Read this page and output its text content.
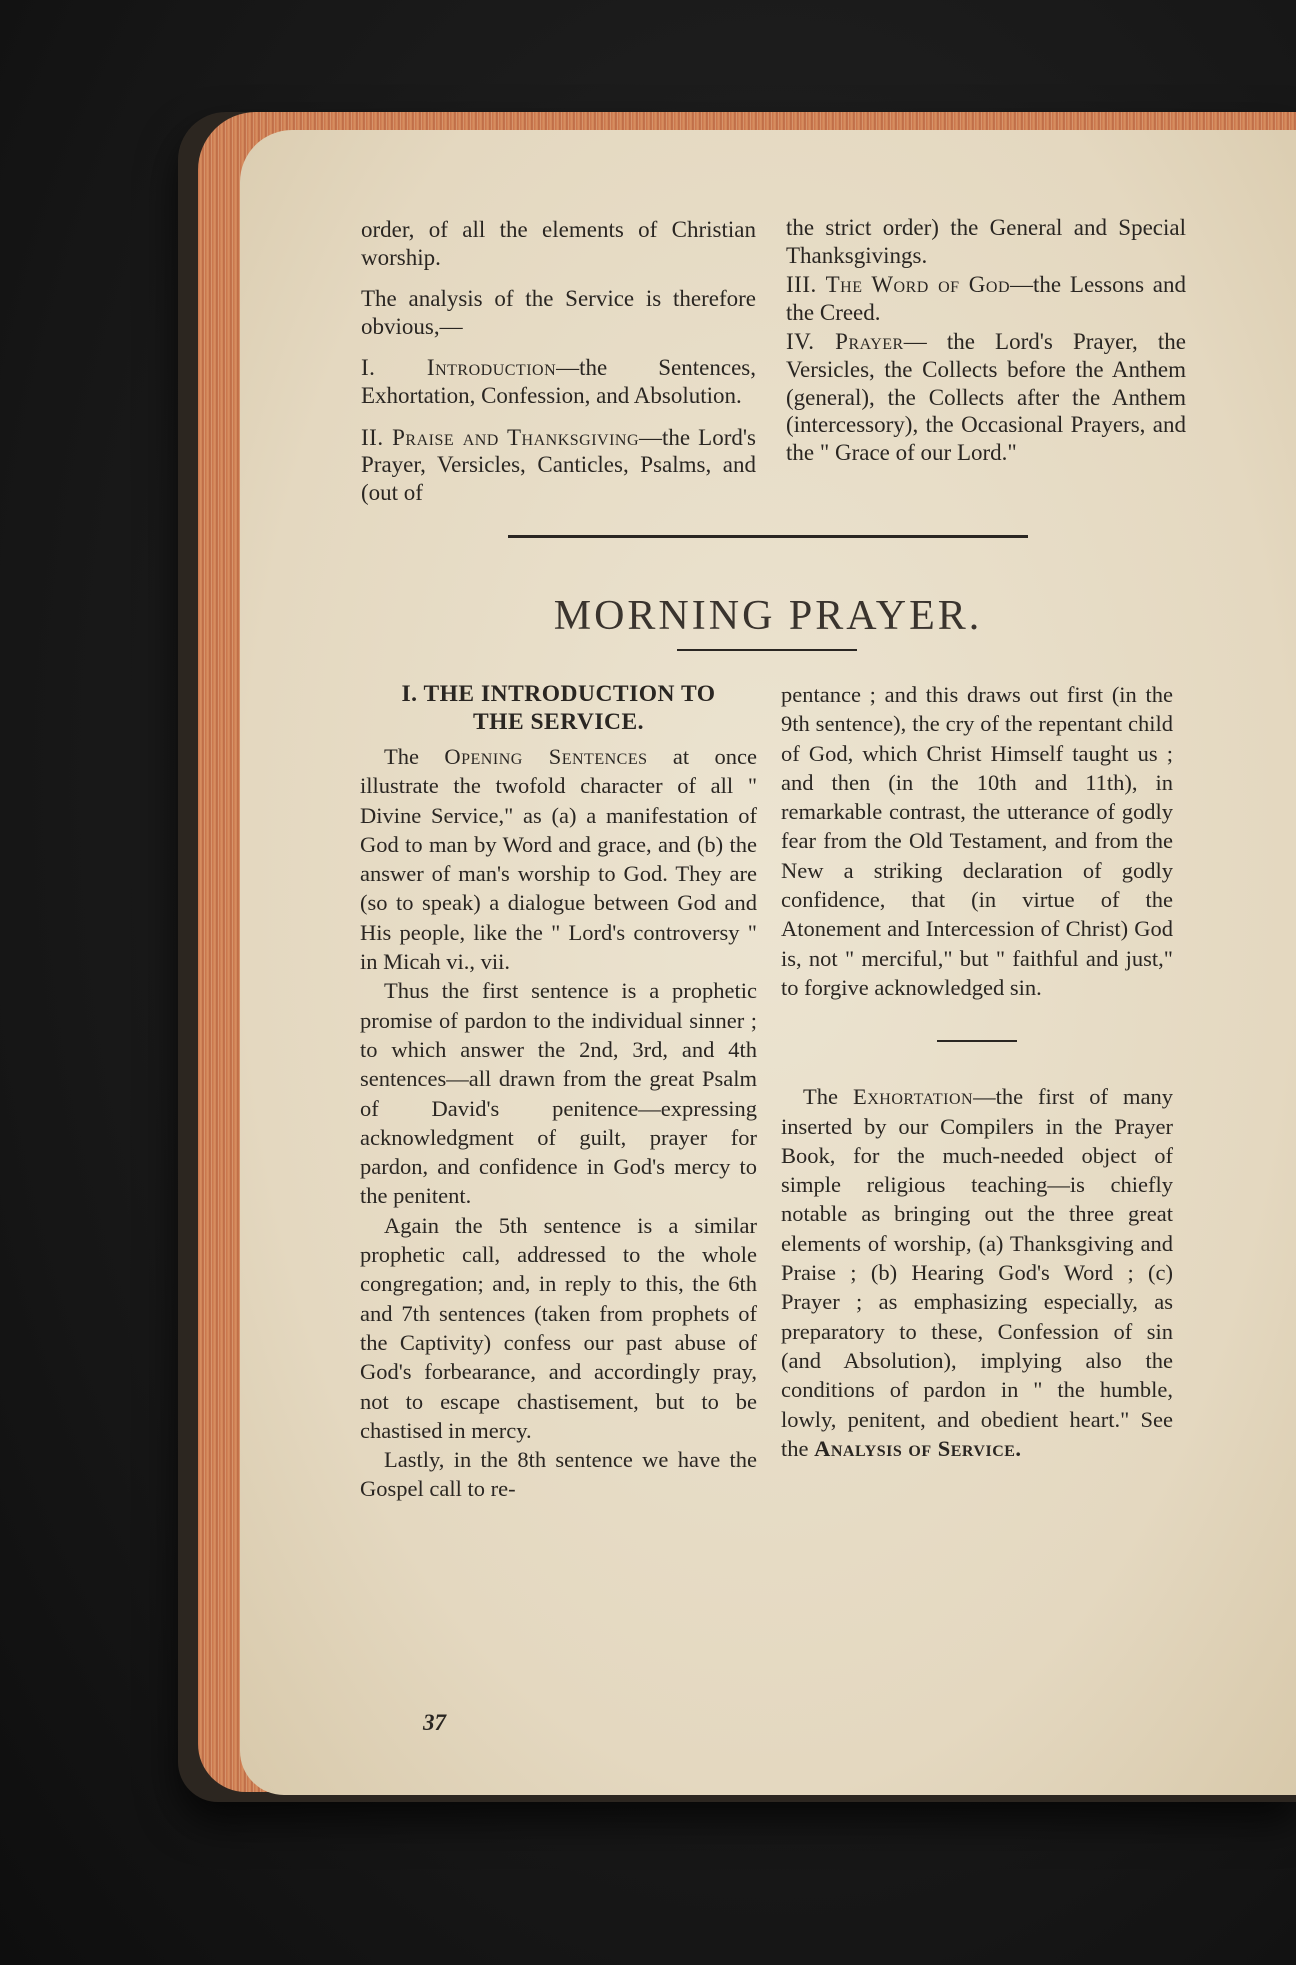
order, of all the elements of Christian worship.

The analysis of the Service is therefore obvious,—

I. Introduction—the Sentences, Exhortation, Confession, and Absolution.

II. Praise and Thanksgiving—the Lord's Prayer, Versicles, Canticles, Psalms, and (out of

the strict order) the General and Special Thanksgivings.

III. The Word of God—the Lessons and the Creed.

IV. Prayer— the Lord's Prayer, the Versicles, the Collects before the Anthem (general), the Collects after the Anthem (intercessory), the Occasional Prayers, and the " Grace of our Lord."

MORNING PRAYER.
I. THE INTRODUCTION TO
THE SERVICE.

The Opening Sentences at once illustrate the twofold character of all " Divine Service," as (a) a manifestation of God to man by Word and grace, and (b) the answer of man's worship to God. They are (so to speak) a dialogue between God and His people, like the " Lord's controversy " in Micah vi., vii.

Thus the first sentence is a prophetic promise of pardon to the individual sinner ; to which answer the 2nd, 3rd, and 4th sentences—all drawn from the great Psalm of David's penitence—expressing acknowledgment of guilt, prayer for pardon, and confidence in God's mercy to the penitent.

Again the 5th sentence is a similar prophetic call, addressed to the whole congregation; and, in reply to this, the 6th and 7th sentences (taken from prophets of the Captivity) confess our past abuse of God's forbearance, and accordingly pray, not to escape chastisement, but to be chastised in mercy.

Lastly, in the 8th sentence we have the Gospel call to re-

pentance ; and this draws out first (in the 9th sentence), the cry of the repentant child of God, which Christ Himself taught us ; and then (in the 10th and 11th), in remarkable contrast, the utterance of godly fear from the Old Testament, and from the New a striking declaration of godly confidence, that (in virtue of the Atonement and Intercession of Christ) God is, not " merciful," but " faithful and just," to forgive acknowledged sin.

The Exhortation—the first of many inserted by our Compilers in the Prayer Book, for the much-needed object of simple religious teaching—is chiefly notable as bringing out the three great elements of worship, (a) Thanksgiving and Praise ; (b) Hearing God's Word ; (c) Prayer ; as emphasizing especially, as preparatory to these, Confession of sin (and Absolution), implying also the conditions of pardon in " the humble, lowly, penitent, and obedient heart." See the Analysis of Service.

37
